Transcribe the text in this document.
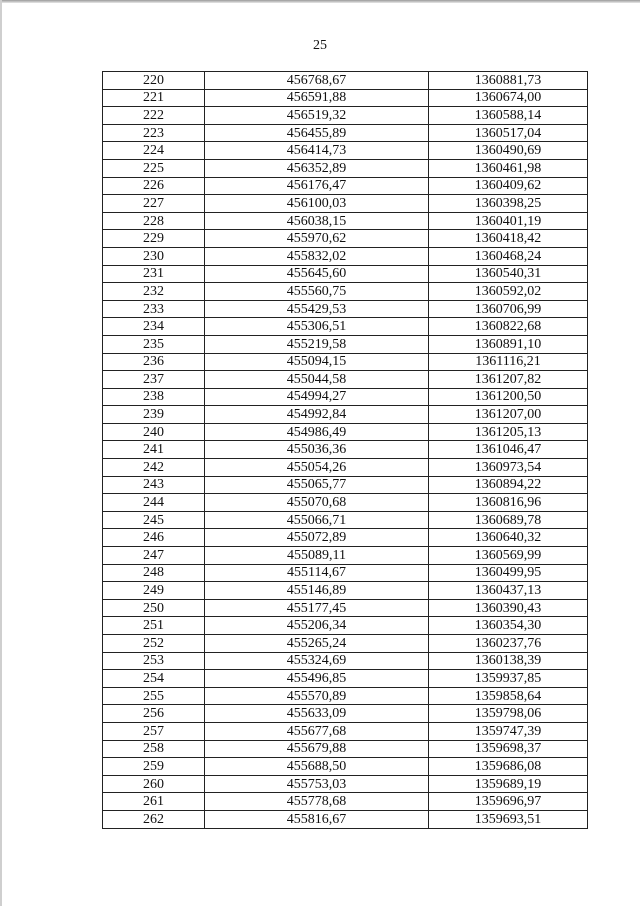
25
220	456768,67	1360881,73
221	456591,88	1360674,00
222	456519,32	1360588,14
223	456455,89	1360517,04
224	456414,73	1360490,69
225	456352,89	1360461,98
226	456176,47	1360409,62
227	456100,03	1360398,25
228	456038,15	1360401,19
229	455970,62	1360418,42
230	455832,02	1360468,24
231	455645,60	1360540,31
232	455560,75	1360592,02
233	455429,53	1360706,99
234	455306,51	1360822,68
235	455219,58	1360891,10
236	455094,15	1361116,21
237	455044,58	1361207,82
238	454994,27	1361200,50
239	454992,84	1361207,00
240	454986,49	1361205,13
241	455036,36	1361046,47
242	455054,26	1360973,54
243	455065,77	1360894,22
244	455070,68	1360816,96
245	455066,71	1360689,78
246	455072,89	1360640,32
247	455089,11	1360569,99
248	455114,67	1360499,95
249	455146,89	1360437,13
250	455177,45	1360390,43
251	455206,34	1360354,30
252	455265,24	1360237,76
253	455324,69	1360138,39
254	455496,85	1359937,85
255	455570,89	1359858,64
256	455633,09	1359798,06
257	455677,68	1359747,39
258	455679,88	1359698,37
259	455688,50	1359686,08
260	455753,03	1359689,19
261	455778,68	1359696,97
262	455816,67	1359693,51
